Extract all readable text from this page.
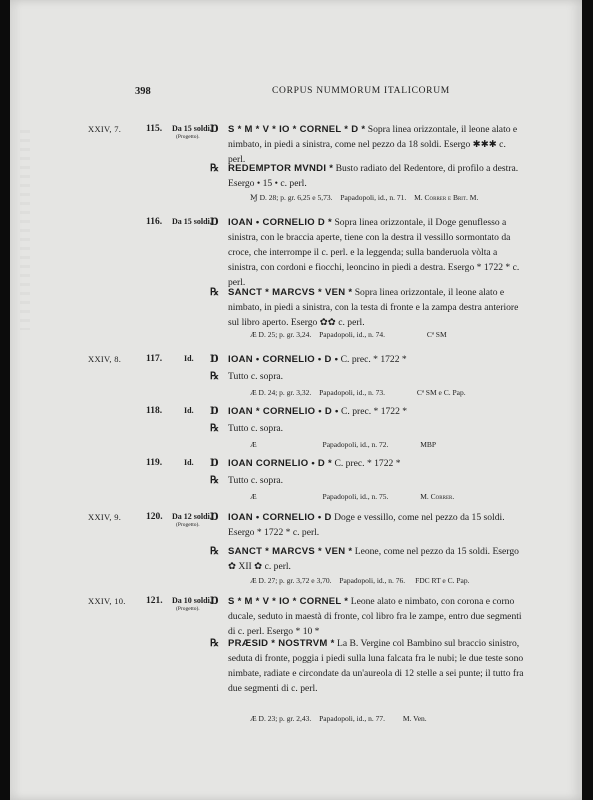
398	CORPUS NUMMORUM ITALICORUM
XXIV, 7.	115. Da 15 soldi.
(Progetto).
Ɒ S * M * V * IO * CORNEL * D * Sopra linea orizzontale, il leone alato e nimbato, in piedi a sinistra, come nel pezzo da 18 soldi. Esergo ✱✱✱ c. perl.
℞ REDEMPTOR MVNDI * Busto radiato del Redentore, di profilo a destra. Esergo • 15 • c. perl.
Ɱ D. 28; p. gr. 6,25 e 5,73. Papadopoli, id., n. 71. M. Correr e Brit. M.
116. Da 15 soldi.
Ɒ IOAN • CORNELIO D * Sopra linea orizzontale, il Doge genuflesso a sinistra, con le braccia aperte, tiene con la destra il vessillo sormontato da croce, che interrompe il c. perl. e la leggenda; sulla banderuola vòlta a sinistra, con cordoni e fiocchi, leoncino in piedi a destra. Esergo * 1722 * c. perl.
℞ SANCT * MARCVS * VEN * Sopra linea orizzontale, il leone alato e nimbato, in piedi a sinistra, con la testa di fronte e la zampa destra anteriore sul libro aperto. Esergo ✿✿ c. perl.
Æ D. 25; p. gr. 3,24. Papadopoli, id., n. 74.	Cª SM
XXIV, 8.	117.	Id. Ɒ IOAN • CORNELIO • D • C. prec. * 1722 *
℞ Tutto c. sopra.
Æ D. 24; p. gr. 3,32. Papadopoli, id., n. 73.	Cª SM e C. Pap.
118.	Id. Ɒ IOAN * CORNELIO • D • C. prec. * 1722 *
℞ Tutto c. sopra.
Æ	Papadopoli, id., n. 72.	MBP
119.	Id. Ɒ IOAN CORNELIO • D * C. prec. * 1722 *
℞ Tutto c. sopra.
Æ	Papadopoli, id., n. 75.	M. Correr.
XXIV, 9.	120. Da 12 soldi.
(Progetto).
Ɒ IOAN • CORNELIO • D Doge e vessillo, come nel pezzo da 15 soldi. Esergo * 1722 * c. perl.
℞ SANCT * MARCVS * VEN * Leone, come nel pezzo da 15 soldi. Esergo ✿ XII ✿ c. perl.
Æ D. 27; p. gr. 3,72 e 3,70. Papadopoli, id., n. 76. FDC RT e C. Pap.
XXIV, 10. 121. Da 10 soldi.
(Progetto).
Ɒ S * M * V * IO * CORNEL * Leone alato e nimbato, con corona e corno ducale, seduto in maestà di fronte, col libro fra le zampe, entro due segmenti di c. perl. Esergo * 10 *
℞ PRÆSID * NOSTRVM * La B. Vergine col Bambino sul braccio sinistro, seduta di fronte, poggia i piedi sulla luna falcata fra le nubi; le due teste sono nimbate, radiate e circondate da un'aureola di 12 stelle a sei punte; il tutto fra due segmenti di c. perl.
Æ D. 23; p. gr. 2,43. Papadopoli, id., n. 77. M. Ven.
